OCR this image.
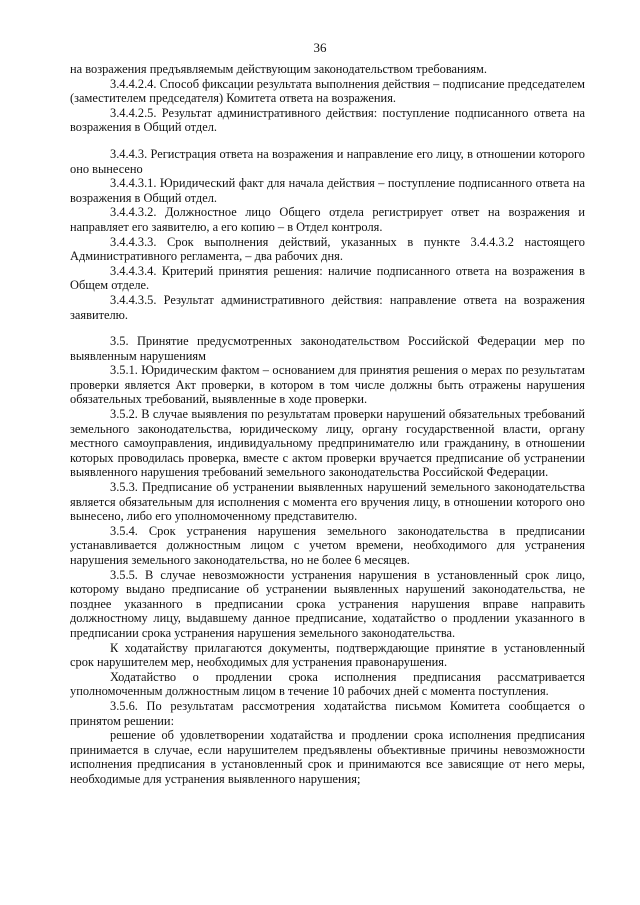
36

на возражения предъявляемым действующим законодательством требованиям.

3.4.4.2.4. Способ фиксации результата выполнения действия – подписание председателем (заместителем председателя) Комитета ответа на возражения.

3.4.4.2.5. Результат административного действия: поступление подписанного ответа на возражения в Общий отдел.

3.4.4.3. Регистрация ответа на возражения и направление его лицу, в отношении которого оно вынесено

3.4.4.3.1. Юридический факт для начала действия – поступление подписанного ответа на возражения в Общий отдел.

3.4.4.3.2. Должностное лицо Общего отдела регистрирует ответ на возражения и направляет его заявителю, а его копию – в Отдел контроля.

3.4.4.3.3. Срок выполнения действий, указанных в пункте 3.4.4.3.2 настоящего Административного регламента, – два рабочих дня.

3.4.4.3.4. Критерий принятия решения: наличие подписанного ответа на возражения в Общем отделе.

3.4.4.3.5. Результат административного действия: направление ответа на возражения заявителю.

3.5. Принятие предусмотренных законодательством Российской Федерации мер по выявленным нарушениям

3.5.1. Юридическим фактом – основанием для принятия решения о мерах по результатам проверки является Акт проверки, в котором в том числе должны быть отражены нарушения обязательных требований, выявленные в ходе проверки.

3.5.2. В случае выявления по результатам проверки нарушений обязательных требований земельного законодательства, юридическому лицу, органу государственной власти, органу местного самоуправления, индивидуальному предпринимателю или гражданину, в отношении которых проводилась проверка, вместе с актом проверки вручается предписание об устранении выявленного нарушения требований земельного законодательства Российской Федерации.

3.5.3. Предписание об устранении выявленных нарушений земельного законодательства является обязательным для исполнения с момента его вручения лицу, в отношении которого оно вынесено, либо его уполномоченному представителю.

3.5.4. Срок устранения нарушения земельного законодательства в предписании устанавливается должностным лицом с учетом времени, необходимого для устранения нарушения земельного законодательства, но не более 6 месяцев.

3.5.5. В случае невозможности устранения нарушения в установленный срок лицо, которому выдано предписание об устранении выявленных нарушений законодательства, не позднее указанного в предписании срока устранения нарушения вправе направить должностному лицу, выдавшему данное предписание, ходатайство о продлении указанного в предписании срока устранения нарушения земельного законодательства.

К ходатайству прилагаются документы, подтверждающие принятие в установленный срок нарушителем мер, необходимых для устранения правонарушения.

Ходатайство о продлении срока исполнения предписания рассматривается уполномоченным должностным лицом в течение 10 рабочих дней с момента поступления.

3.5.6. По результатам рассмотрения ходатайства письмом Комитета сообщается о принятом решении:

решение об удовлетворении ходатайства и продлении срока исполнения предписания принимается в случае, если нарушителем предъявлены объективные причины невозможности исполнения предписания в установленный срок и принимаются все зависящие от него меры, необходимые для устранения выявленного нарушения;
